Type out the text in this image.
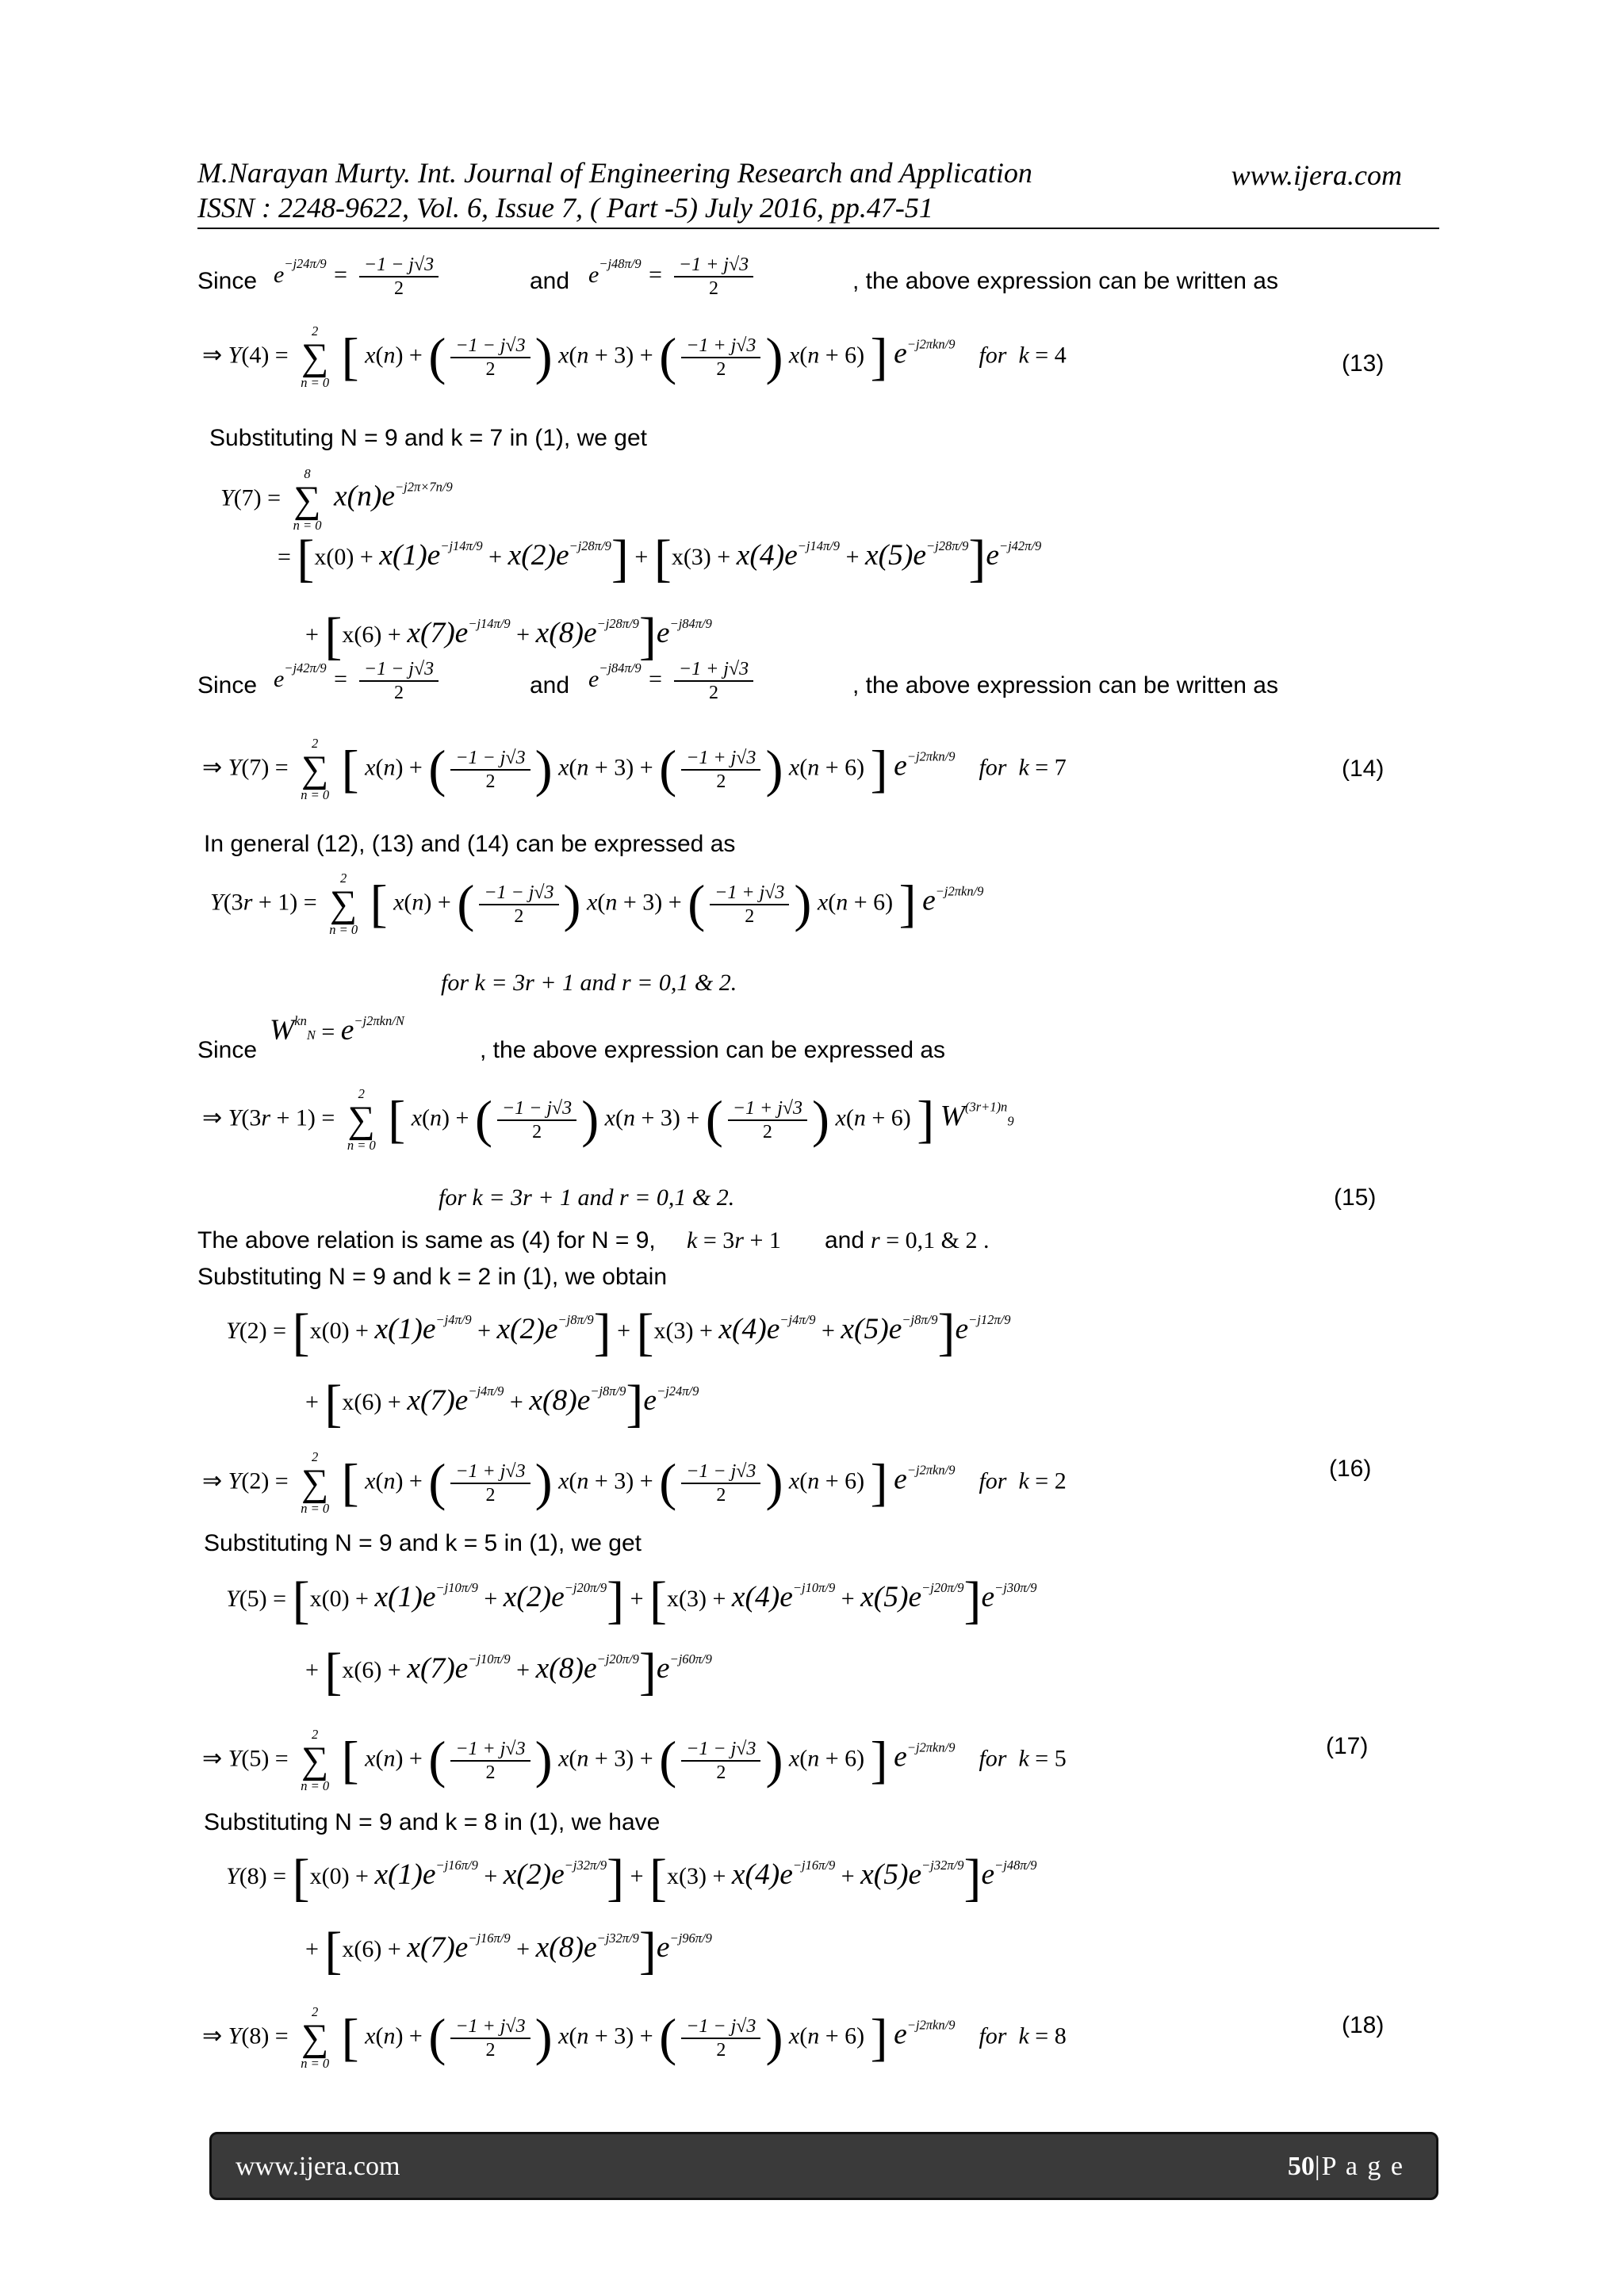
M.Narayan Murty. Int. Journal of Engineering Research and Application	www.ijera.com
ISSN : 2248-9622, Vol. 6, Issue 7, ( Part -5) July 2016, pp.47-51
Since $e^{-j24\pi/9} = \frac{-1 - j√3}{2}$	and $e^{-j48\pi/9} = \frac{-1 + j√3}{2}$	, the above expression can be written as
⇒ Y(4) =
2
∑
n = 0 [ x(n) + ( $\frac{-1 - j√3}{2}$ ) x(n + 3) + ( $\frac{-1 + j√3}{2}$ ) x(n + 6) ] $e^{-j2\pi kn/9}$    for  k = 4	(13)
Substituting N = 9 and k = 7 in (1), we get
Y(7) =
8
∑
n = 0
$x(n)e^{-j2\pi\times 7n/9}$
= $[x(0) + x(1)e^{-j14\pi/9} + x(2)e^{-j28\pi/9}] + [x(3) + x(4)e^{-j14\pi/9} + x(5)e^{-j28\pi/9}]e^{-j42\pi/9}$
+ $[x(6) + x(7)e^{-j14\pi/9} + x(8)e^{-j28\pi/9}]e^{-j84\pi/9}$
Since $e^{-j42\pi/9} = \frac{-1 - j√3}{2}$	and $e^{-j84\pi/9} = \frac{-1 + j√3}{2}$	, the above expression can be written as
⇒ Y(7) =
2
∑
n = 0 [ x(n) + ( $\frac{-1 - j√3}{2}$ ) x(n + 3) + ( $\frac{-1 + j√3}{2}$ ) x(n + 6) ] $e^{-j2\pi kn/9}$    for  k = 7	(14)
In general (12), (13) and (14) can be expressed as
Y(3r + 1) =
2
∑
n = 0 [ x(n) + ( $\frac{-1 - j√3}{2}$ ) x(n + 3) + ( $\frac{-1 + j√3}{2}$ ) x(n + 6) ] $e^{-j2\pi kn/9}$
for k = 3r + 1 and r = 0,1 & 2.
Since
$W^{kn}N = e^{-j2\pi kn/N}$
, the above expression can be expressed as
⇒ Y(3r + 1) =
2
∑
n = 0 [ x(n) + ( $\frac{-1 - j√3}{2}$ ) x(n + 3) + ( $\frac{-1 + j√3}{2}$ ) x(n + 6) ] $W^{(3r+1)n}9$
for k = 3r + 1 and r = 0,1 & 2.	(15)
The above relation is same as (4) for N = 9, k = 3r + 1 and r = 0,1 & 2 .
Substituting N = 9 and k = 2 in (1), we obtain
$Y(2) = [x(0) + x(1)e^{-j4\pi/9} + x(2)e^{-j8\pi/9}] + [x(3) + x(4)e^{-j4\pi/9} + x(5)e^{-j8\pi/9}]e^{-j12\pi/9}$
+ $[x(6) + x(7)e^{-j4\pi/9} + x(8)e^{-j8\pi/9}]e^{-j24\pi/9}$
⇒ Y(2) =
2
∑
n = 0 [ x(n) + ( $\frac{-1 + j√3}{2}$ ) x(n + 3) + ( $\frac{-1 - j√3}{2}$ ) x(n + 6) ] $e^{-j2\pi kn/9}$    for  k = 2	(16)
Substituting N = 9 and k = 5 in (1), we get
$Y(5) = [x(0) + x(1)e^{-j10\pi/9} + x(2)e^{-j20\pi/9}] + [x(3) + x(4)e^{-j10\pi/9} + x(5)e^{-j20\pi/9}]e^{-j30\pi/9}$
+ $[x(6) + x(7)e^{-j10\pi/9} + x(8)e^{-j20\pi/9}]e^{-j60\pi/9}$
⇒ Y(5) =
2
∑
n = 0 [ x(n) + ( $\frac{-1 + j√3}{2}$ ) x(n + 3) + ( $\frac{-1 - j√3}{2}$ ) x(n + 6) ] $e^{-j2\pi kn/9}$    for  k = 5	(17)
Substituting N = 9 and k = 8 in (1), we have
$Y(8) = [x(0) + x(1)e^{-j16\pi/9} + x(2)e^{-j32\pi/9}] + [x(3) + x(4)e^{-j16\pi/9} + x(5)e^{-j32\pi/9}]e^{-j48\pi/9}$
+ $[x(6) + x(7)e^{-j16\pi/9} + x(8)e^{-j32\pi/9}]e^{-j96\pi/9}$
⇒ Y(8) =
2
∑
n = 0 [ x(n) + ( $\frac{-1 + j√3}{2}$ ) x(n + 3) + ( $\frac{-1 - j√3}{2}$ ) x(n + 6) ] $e^{-j2\pi kn/9}$    for  k = 8	(18)
www.ijera.com	50|P a g e
